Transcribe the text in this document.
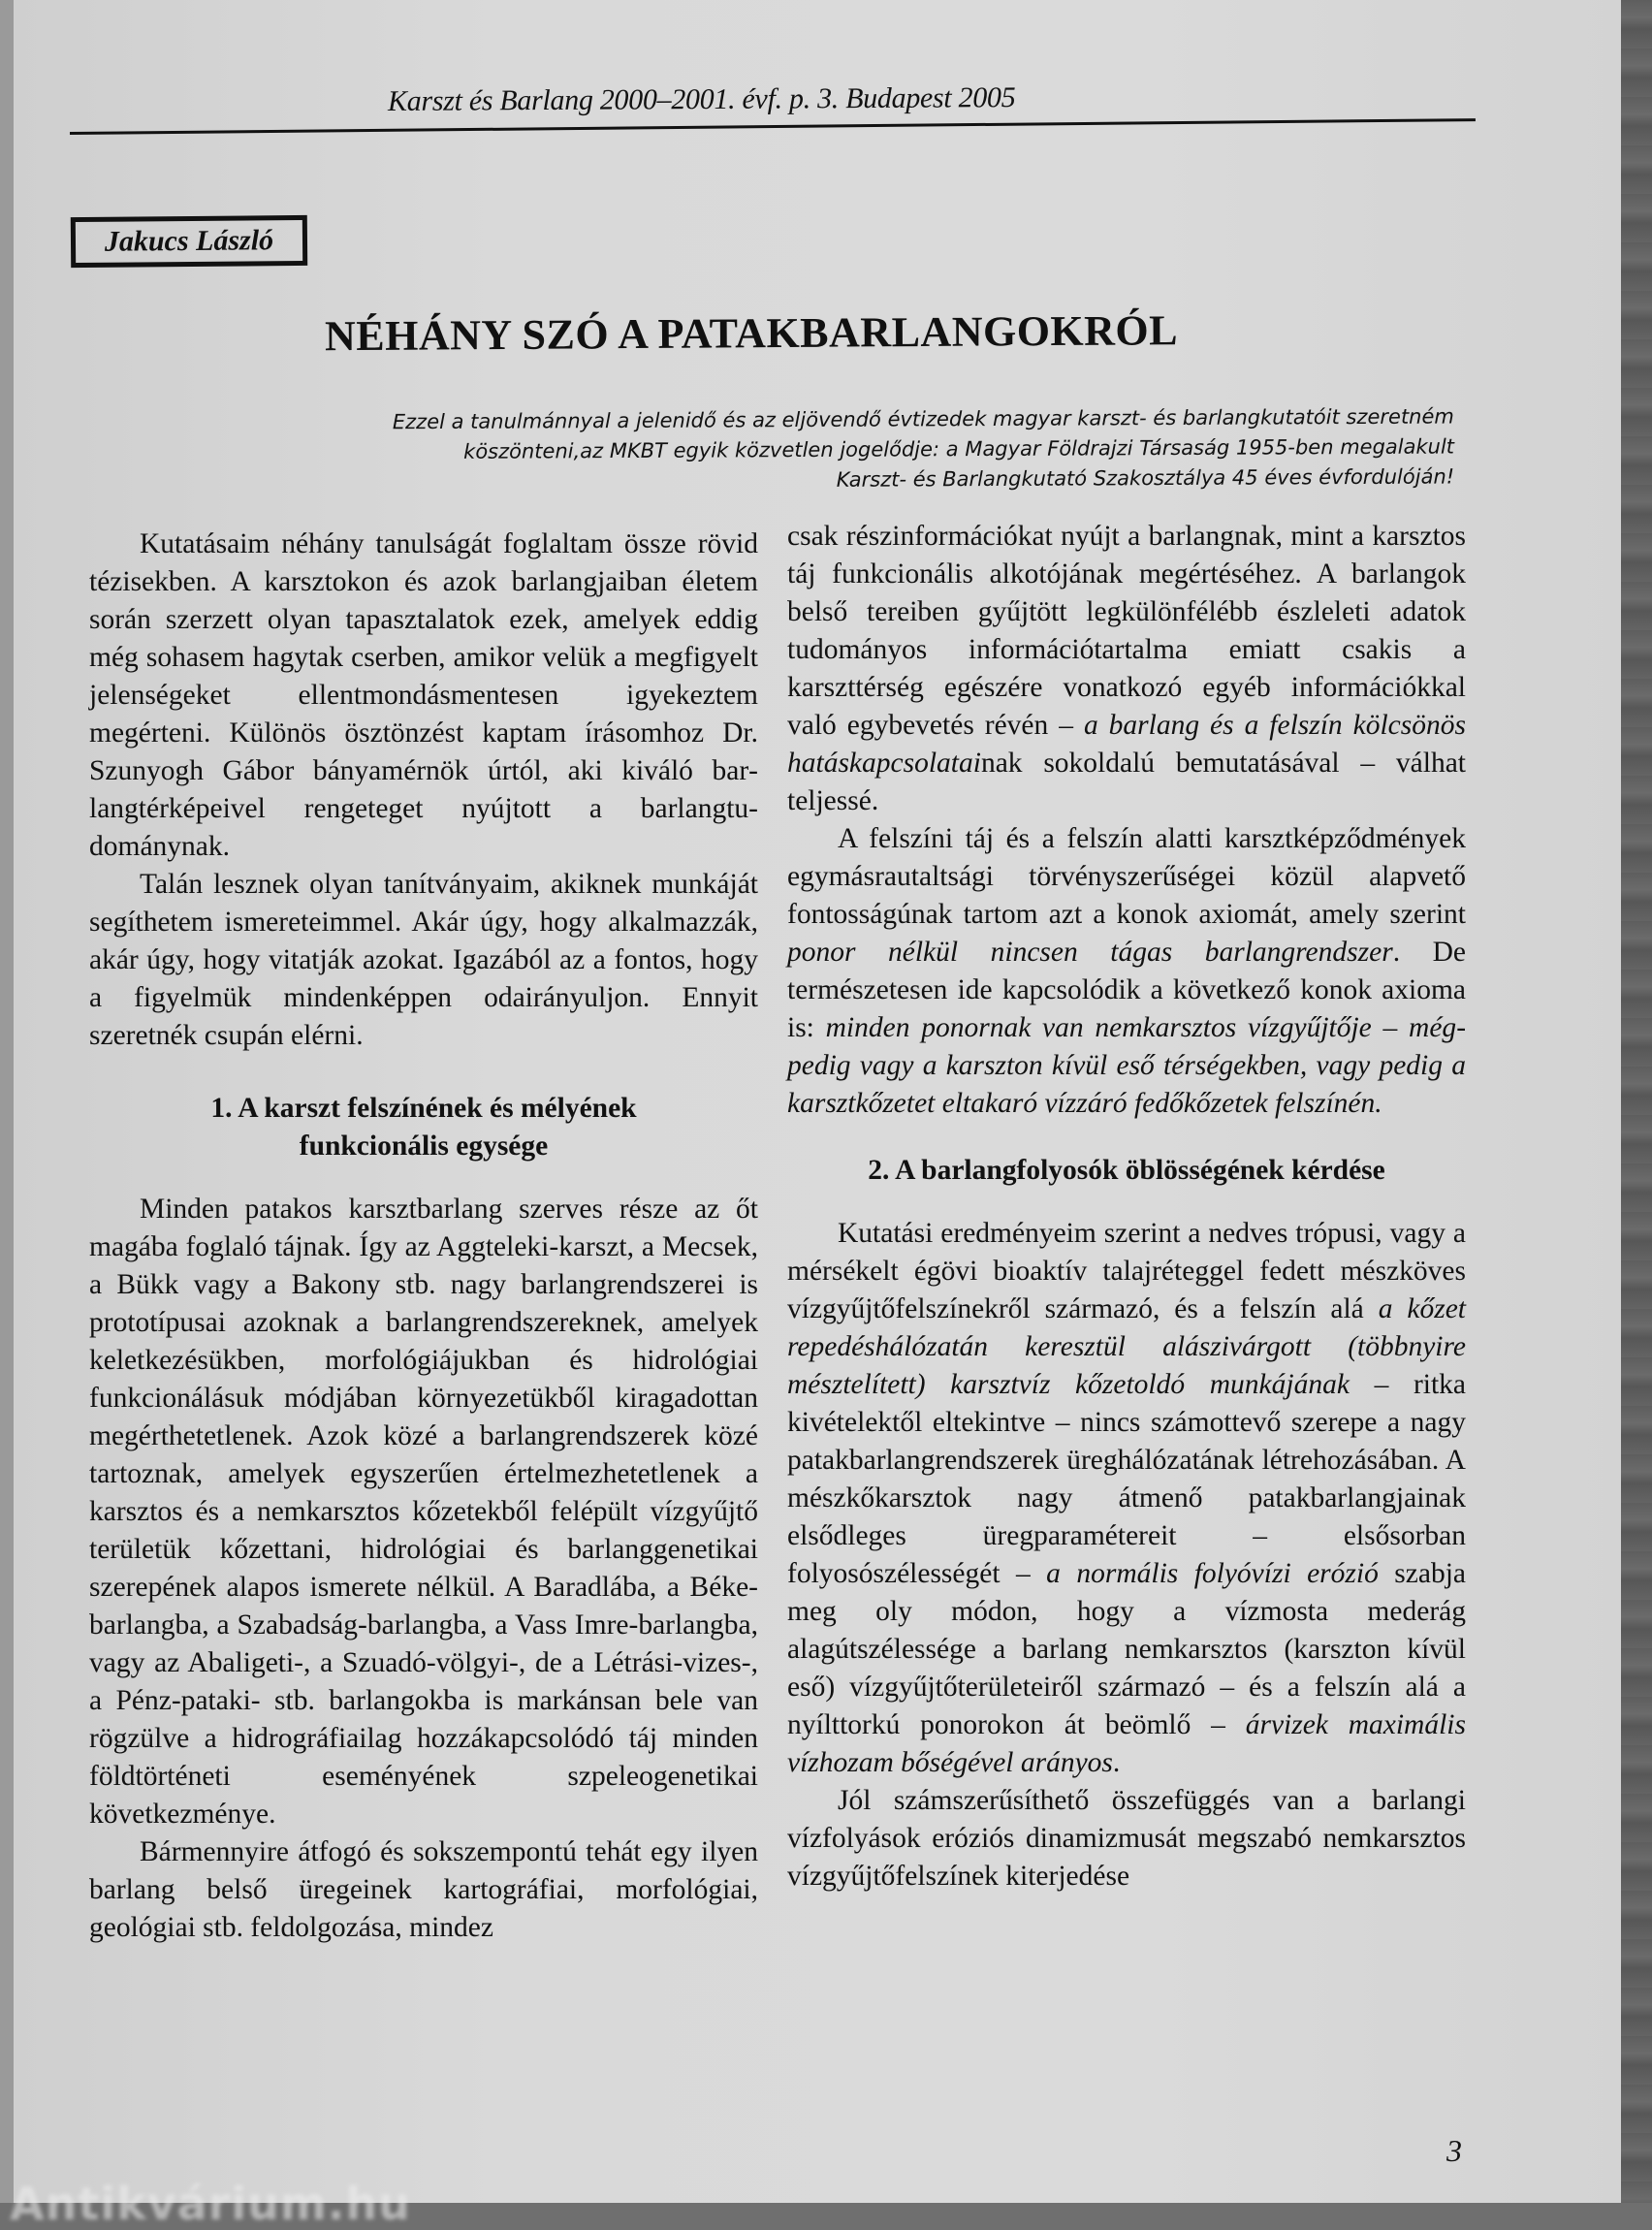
Karszt és Barlang 2000–2001. évf. p. 3. Budapest 2005
Jakucs László
NÉHÁNY SZÓ A PATAKBARLANGOKRÓL
Ezzel a tanulmánnyal a jelenidő és az eljövendő évtizedek magyar karszt- és barlangkutatóit szeretném
köszönteni,az MKBT egyik közvetlen jogelődje: a Magyar Földrajzi Társaság 1955-ben megalakult
Karszt- és Barlangkutató Szakosztálya 45 éves évfordulóján!

Kutatásaim néhány tanulságát foglaltam össze rövid tézisekben. A karsztokon és azok barlangjaiban életem során szerzett olyan tapasztalatok ezek, amelyek eddig még sohasem hagytak cserben, amikor velük a megfigyelt jelenségeket ellentmondásmentesen igyekeztem megérteni. Különös ösztönzést kaptam írásomhoz Dr. Szunyogh Gábor bányamérnök úrtól, aki kiváló barlangtérképeivel rengeteget nyújtott a barlangtudománynak.

Talán lesznek olyan tanítványaim, akiknek munkáját segíthetem ismereteimmel. Akár úgy, hogy alkalmazzák, akár úgy, hogy vitatják azokat. Igazából az a fontos, hogy a figyelmük mindenképpen odairányuljon. Ennyit szeretnék csupán elérni.

1. A karszt felszínének és mélyének
funkcionális egysége

Minden patakos karsztbarlang szerves része az őt magába foglaló tájnak. Így az Aggteleki-karszt, a Mecsek, a Bükk vagy a Bakony stb. nagy barlangrendszerei is prototípusai azoknak a barlangrendszereknek, amelyek keletkezésükben, morfológiájukban és hidrológiai funkcionálásuk módjában környezetükből kiragadottan megérthetetlenek. Azok közé a barlangrendszerek közé tartoznak, amelyek egyszerűen értelmezhetetlenek a karsztos és a nemkarsztos kőzetekből felépült vízgyűjtő területük kőzettani, hidrológiai és barlanggenetikai szerepének alapos ismerete nélkül. A Baradlába, a Béke-barlangba, a Szabadság-barlangba, a Vass Imre-barlangba, vagy az Abaligeti-, a Szuadó-völgyi-, de a Létrási-vizes-, a Pénz-pataki- stb. barlangokba is markánsan bele van rögzülve a hidrográfiailag hozzákapcsolódó táj minden földtörténeti eseményének szpeleogenetikai következménye.

Bármennyire átfogó és sokszempontú tehát egy ilyen barlang belső üregeinek kartográfiai, morfológiai, geológiai stb. feldolgozása, mindez

csak részinformációkat nyújt a barlangnak, mint a karsztos táj funkcionális alkotójának megértéséhez. A barlangok belső tereiben gyűjtött legkülönfélébb észleleti adatok tudományos információtartalma emiatt csakis a karszttérség egészére vonatkozó egyéb információkkal való egybevetés révén – a barlang és a felszín kölcsönös hatáskapcsolatainak sokoldalú bemutatásával – válhat teljessé.

A felszíni táj és a felszín alatti karsztképződmények egymásrautaltsági törvényszerűségei közül alapvető fontosságúnak tartom azt a konok axiomát, amely szerint ponor nélkül nincsen tágas barlangrendszer. De természetesen ide kapcsolódik a következő konok axioma is: minden ponornak van nemkarsztos vízgyűjtője – mégpedig vagy a karszton kívül eső térségekben, vagy pedig a karsztkőzetet eltakaró vízzáró fedőkőzetek felszínén.

2. A barlangfolyosók öblösségének kérdése

Kutatási eredményeim szerint a nedves trópusi, vagy a mérsékelt égövi bioaktív talajréteggel fedett mészköves vízgyűjtőfelszínekről származó, és a felszín alá a kőzet repedéshálózatán keresztül alászivárgott (többnyire mésztelített) karsztvíz kőzetoldó munkájának – ritka kivételektől eltekintve – nincs számottevő szerepe a nagy patakbarlangrendszerek üreghálózatának létrehozásában. A mészkőkarsztok nagy átmenő patakbarlangjainak elsődleges üregparamétereit – elsősorban folyosószélességét – a normális folyóvízi erózió szabja meg oly módon, hogy a vízmosta mederág alagútszélessége a barlang nemkarsztos (karszton kívül eső) vízgyűjtőterületeiről származó – és a felszín alá a nyílttorkú ponorokon át beömlő – árvizek maximális vízhozam bőségével arányos.

Jól számszerűsíthető összefüggés van a barlangi vízfolyások eróziós dinamizmusát megszabó nemkarsztos vízgyűjtőfelszínek kiterjedése

3
Antikvárium.hu
